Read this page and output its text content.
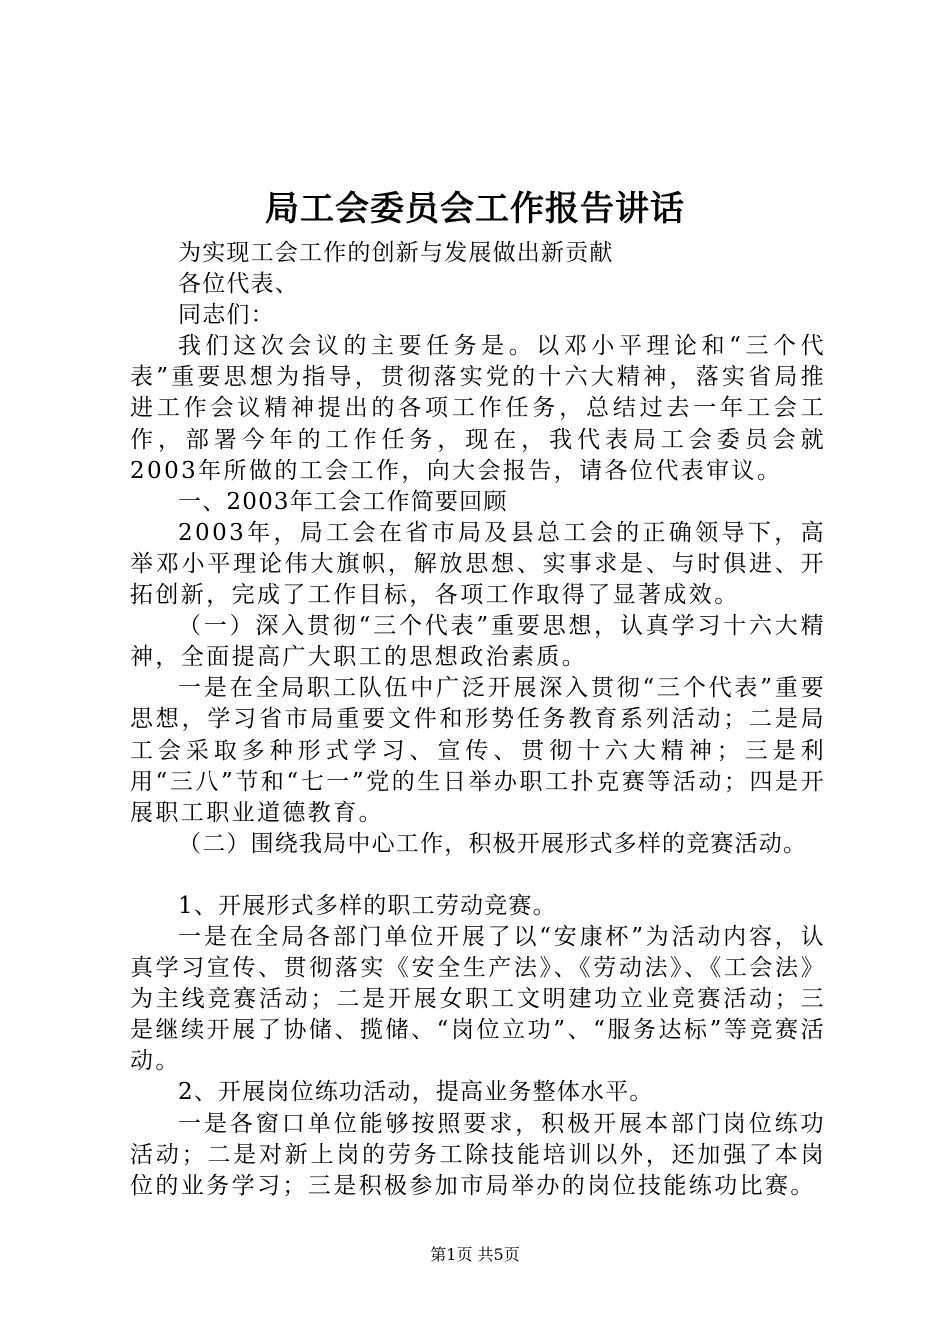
局工会委员会工作报告讲话

为实现工会工作的创新与发展做出新贡献

各位代表、

同志们：

我们这次会议的主要任务是。以邓小平理论和“三个代表”重要思想为指导，贯彻落实党的十六大精神，落实省局推进工作会议精神提出的各项工作任务，总结过去一年工会工作，部署今年的工作任务，现在，我代表局工会委员会就2003年所做的工会工作，向大会报告，请各位代表审议。

一、2003年工会工作简要回顾

2003年，局工会在省市局及县总工会的正确领导下，高举邓小平理论伟大旗帜，解放思想、实事求是、与时俱进、开拓创新，完成了工作目标，各项工作取得了显著成效。

（一）深入贯彻“三个代表”重要思想，认真学习十六大精神，全面提高广大职工的思想政治素质。

一是在全局职工队伍中广泛开展深入贯彻“三个代表”重要思想，学习省市局重要文件和形势任务教育系列活动；二是局工会采取多种形式学习、宣传、贯彻十六大精神；三是利用“三八”节和“七一”党的生日举办职工扑克赛等活动；四是开展职工职业道德教育。

（二）围绕我局中心工作，积极开展形式多样的竞赛活动。

1、开展形式多样的职工劳动竞赛。

一是在全局各部门单位开展了以“安康杯”为活动内容，认真学习宣传、贯彻落实《安全生产法》、《劳动法》、《工会法》为主线竞赛活动；二是开展女职工文明建功立业竞赛活动；三是继续开展了协储、揽储、“岗位立功”、“服务达标”等竞赛活动。

2、开展岗位练功活动，提高业务整体水平。

一是各窗口单位能够按照要求，积极开展本部门岗位练功活动；二是对新上岗的劳务工除技能培训以外，还加强了本岗位的业务学习；三是积极参加市局举办的岗位技能练功比赛。

第1页 共5页
